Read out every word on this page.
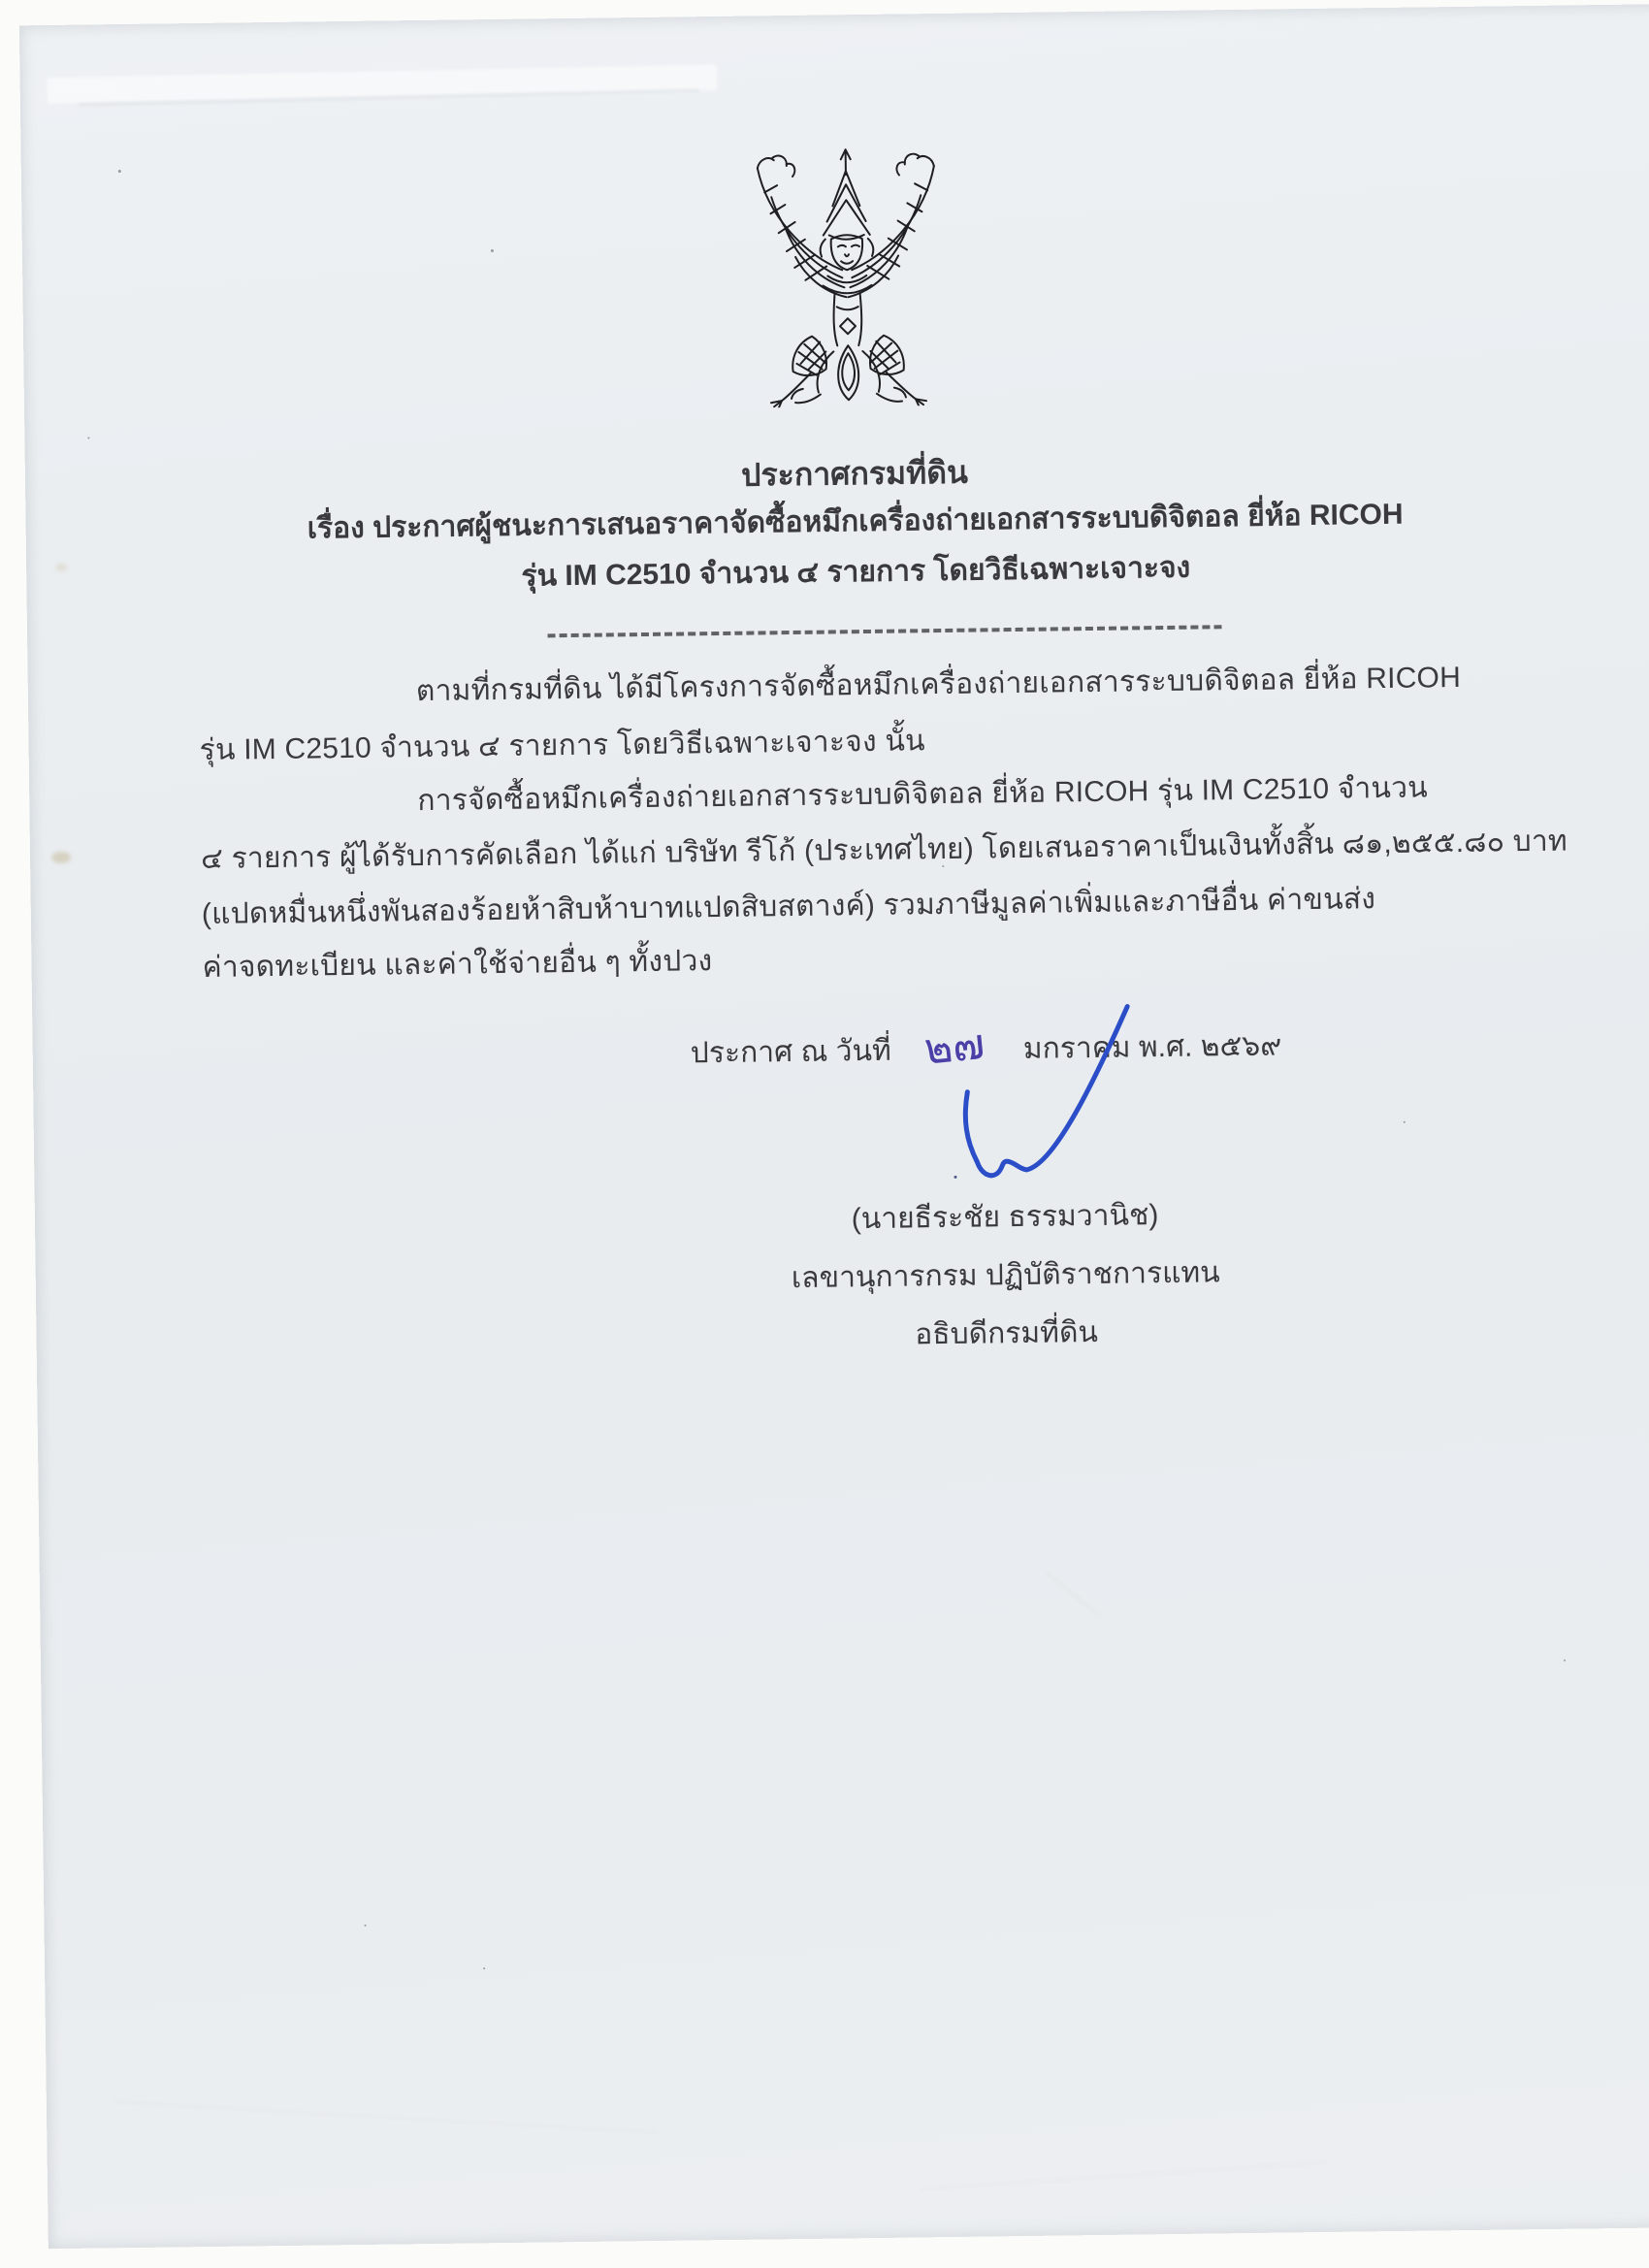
ประกาศกรมที่ดิน
เรื่อง ประกาศผู้ชนะการเสนอราคาจัดซื้อหมึกเครื่องถ่ายเอกสารระบบดิจิตอล ยี่ห้อ RICOH
รุ่น IM C2510 จำนวน ๔ รายการ โดยวิธีเฉพาะเจาะจง
ตามที่กรมที่ดิน ได้มีโครงการจัดซื้อหมึกเครื่องถ่ายเอกสารระบบดิจิตอล ยี่ห้อ RICOH
รุ่น IM C2510 จำนวน ๔ รายการ โดยวิธีเฉพาะเจาะจง นั้น
การจัดซื้อหมึกเครื่องถ่ายเอกสารระบบดิจิตอล ยี่ห้อ RICOH รุ่น IM C2510 จำนวน
๔ รายการ ผู้ได้รับการคัดเลือก ได้แก่ บริษัท รีโก้ (ประเทศไทย) โดยเสนอราคาเป็นเงินทั้งสิ้น ๘๑,๒๕๕.๘๐ บาท
(แปดหมื่นหนึ่งพันสองร้อยห้าสิบห้าบาทแปดสิบสตางค์) รวมภาษีมูลค่าเพิ่มและภาษีอื่น ค่าขนส่ง
ค่าจดทะเบียน และค่าใช้จ่ายอื่น ๆ ทั้งปวง
ประกาศ ณ วันที่ ๒๗ มกราคม พ.ศ. ๒๕๖๙
(นายธีระชัย ธรรมวานิช)
เลขานุการกรม ปฏิบัติราชการแทน
อธิบดีกรมที่ดิน
